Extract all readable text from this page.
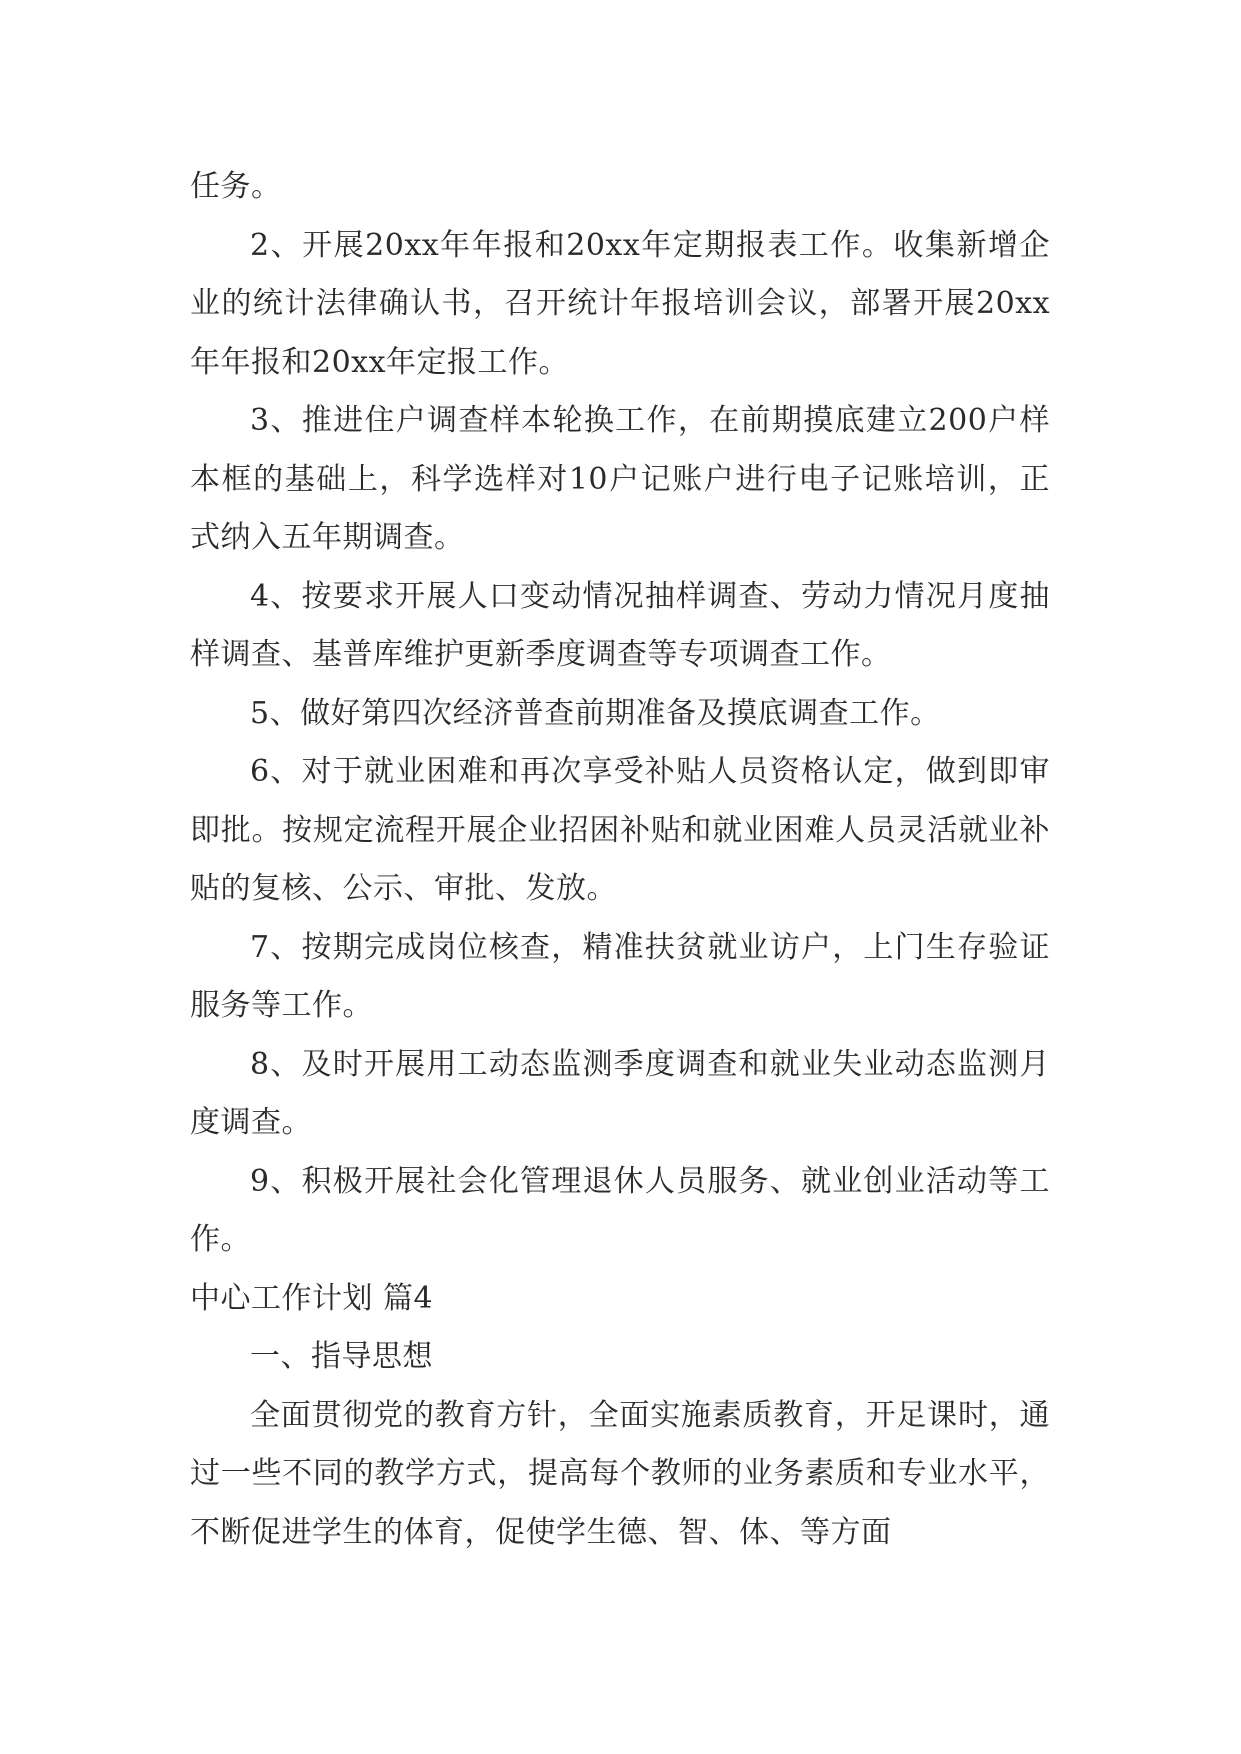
任务。

2、开展20xx年年报和20xx年定期报表工作。收集新增企业的统计法律确认书，召开统计年报培训会议，部署开展20xx年年报和20xx年定报工作。

3、推进住户调查样本轮换工作，在前期摸底建立200户样本框的基础上，科学选样对10户记账户进行电子记账培训，正式纳入五年期调查。

4、按要求开展人口变动情况抽样调查、劳动力情况月度抽样调查、基普库维护更新季度调查等专项调查工作。

5、做好第四次经济普查前期准备及摸底调查工作。

6、对于就业困难和再次享受补贴人员资格认定，做到即审即批。按规定流程开展企业招困补贴和就业困难人员灵活就业补贴的复核、公示、审批、发放。

7、按期完成岗位核查，精准扶贫就业访户，上门生存验证服务等工作。

8、及时开展用工动态监测季度调查和就业失业动态监测月度调查。

9、积极开展社会化管理退休人员服务、就业创业活动等工作。

中心工作计划 篇4

一、指导思想

全面贯彻党的教育方针，全面实施素质教育，开足课时，通过一些不同的教学方式，提高每个教师的业务素质和专业水平，不断促进学生的体育，促使学生德、智、体、等方面
